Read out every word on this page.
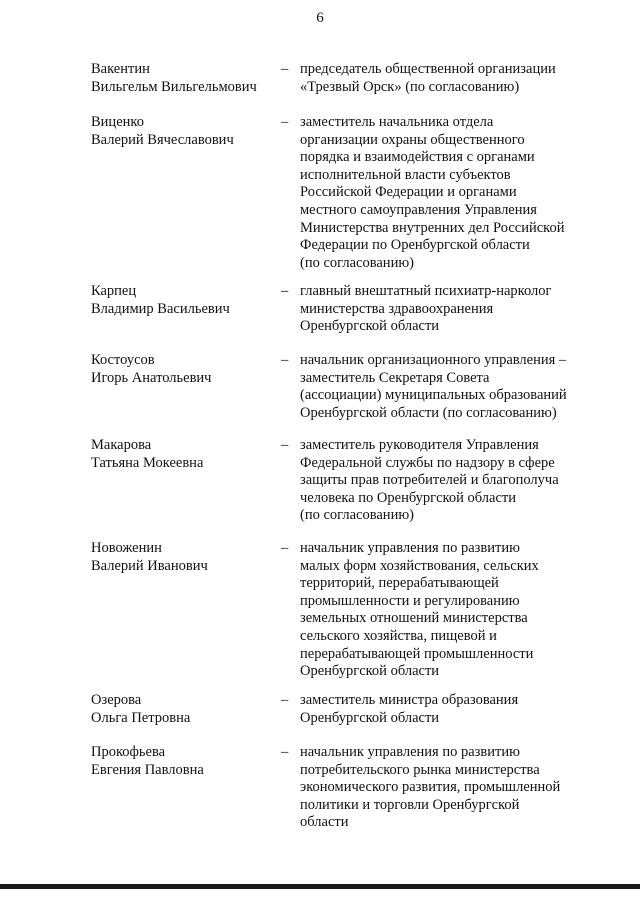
6
Вакентин
Вильгельм Вильгельмович
– председатель общественной организации
«Трезвый Орск» (по согласованию)
Виценко
Валерий Вячеславович
– заместитель начальника отдела
организации охраны общественного
порядка и взаимодействия с органами
исполнительной власти субъектов
Российской Федерации и органами
местного самоуправления Управления
Министерства внутренних дел Российской
Федерации по Оренбургской области
(по согласованию)
Карпец
Владимир Васильевич
– главный внештатный психиатр-нарколог
министерства здравоохранения
Оренбургской области
Костоусов
Игорь Анатольевич
– начальник организационного управления –
заместитель Секретаря Совета
(ассоциации) муниципальных образований
Оренбургской области (по согласованию)
Макарова
Татьяна Мокеевна
– заместитель руководителя Управления
Федеральной службы по надзору в сфере
защиты прав потребителей и благополуча
человека по Оренбургской области
(по согласованию)
Новоженин
Валерий Иванович
– начальник управления по развитию
малых форм хозяйствования, сельских
территорий, перерабатывающей
промышленности и регулированию
земельных отношений министерства
сельского хозяйства, пищевой и
перерабатывающей промышленности
Оренбургской области
Озерова
Ольга Петровна
– заместитель министра образования
Оренбургской области
Прокофьева
Евгения Павловна
– начальник управления по развитию
потребительского рынка министерства
экономического развития, промышленной
политики и торговли Оренбургской
области
